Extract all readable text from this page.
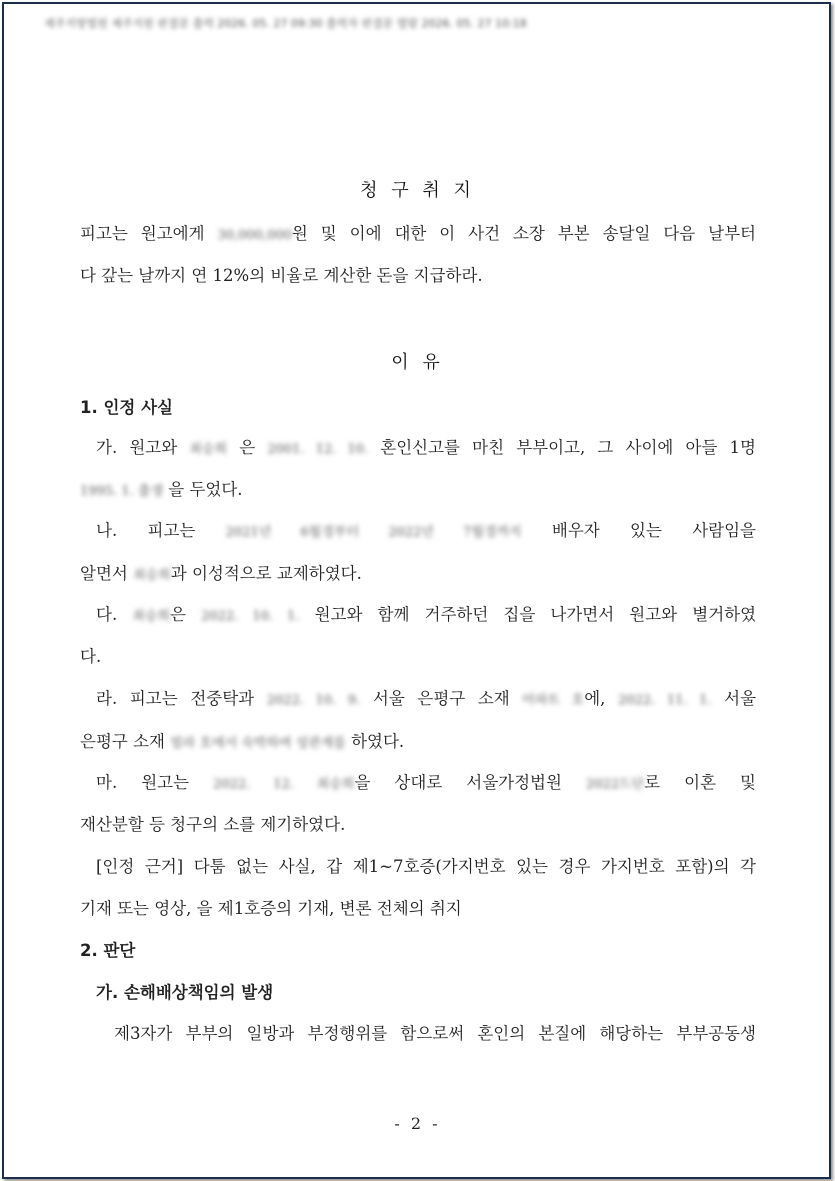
제주지방법원 제주지원 판결문 출력 2026. 05. 27 09:30 출력자 판결문 열람 2026. 05. 27 10:18
청 구 취 지
피고는 원고에게 30,000,000원 및 이에 대한 이 사건 소장 부본 송달일 다음 날부터
다 갚는 날까지 연 12%의 비율로 계산한 돈을 지급하라.
이 유
1. 인정 사실
가. 원고와 최승희 은 2001. 12. 10. 혼인신고를 마친 부부이고, 그 사이에 아들 1명
1995. 1. 출생 을 두었다.
나. 피고는 2021년 6월경부터 2022년 7월경까지 배우자 있는 사람임을
알면서 최승희과 이성적으로 교제하였다.
다. 최승희은 2022. 10. 1. 원고와 함께 거주하던 집을 나가면서 원고와 별거하였
다.
라. 피고는 전중탁과 2022. 10. 9. 서울 은평구 소재 아파트 호에, 2022. 11. 1. 서울
은평구 소재 빌라 호에서 숙박하며 성관계를 하였다.
마. 원고는 2022. 12. 최승희을 상대로 서울가정법원 2022드단로 이혼 및
재산분할 등 청구의 소를 제기하였다.
[인정 근거] 다툼 없는 사실, 갑 제1~7호증(가지번호 있는 경우 가지번호 포함)의 각
기재 또는 영상, 을 제1호증의 기재, 변론 전체의 취지
2. 판단
가. 손해배상책임의 발생
제3자가 부부의 일방과 부정행위를 함으로써 혼인의 본질에 해당하는 부부공동생
- 2 -
